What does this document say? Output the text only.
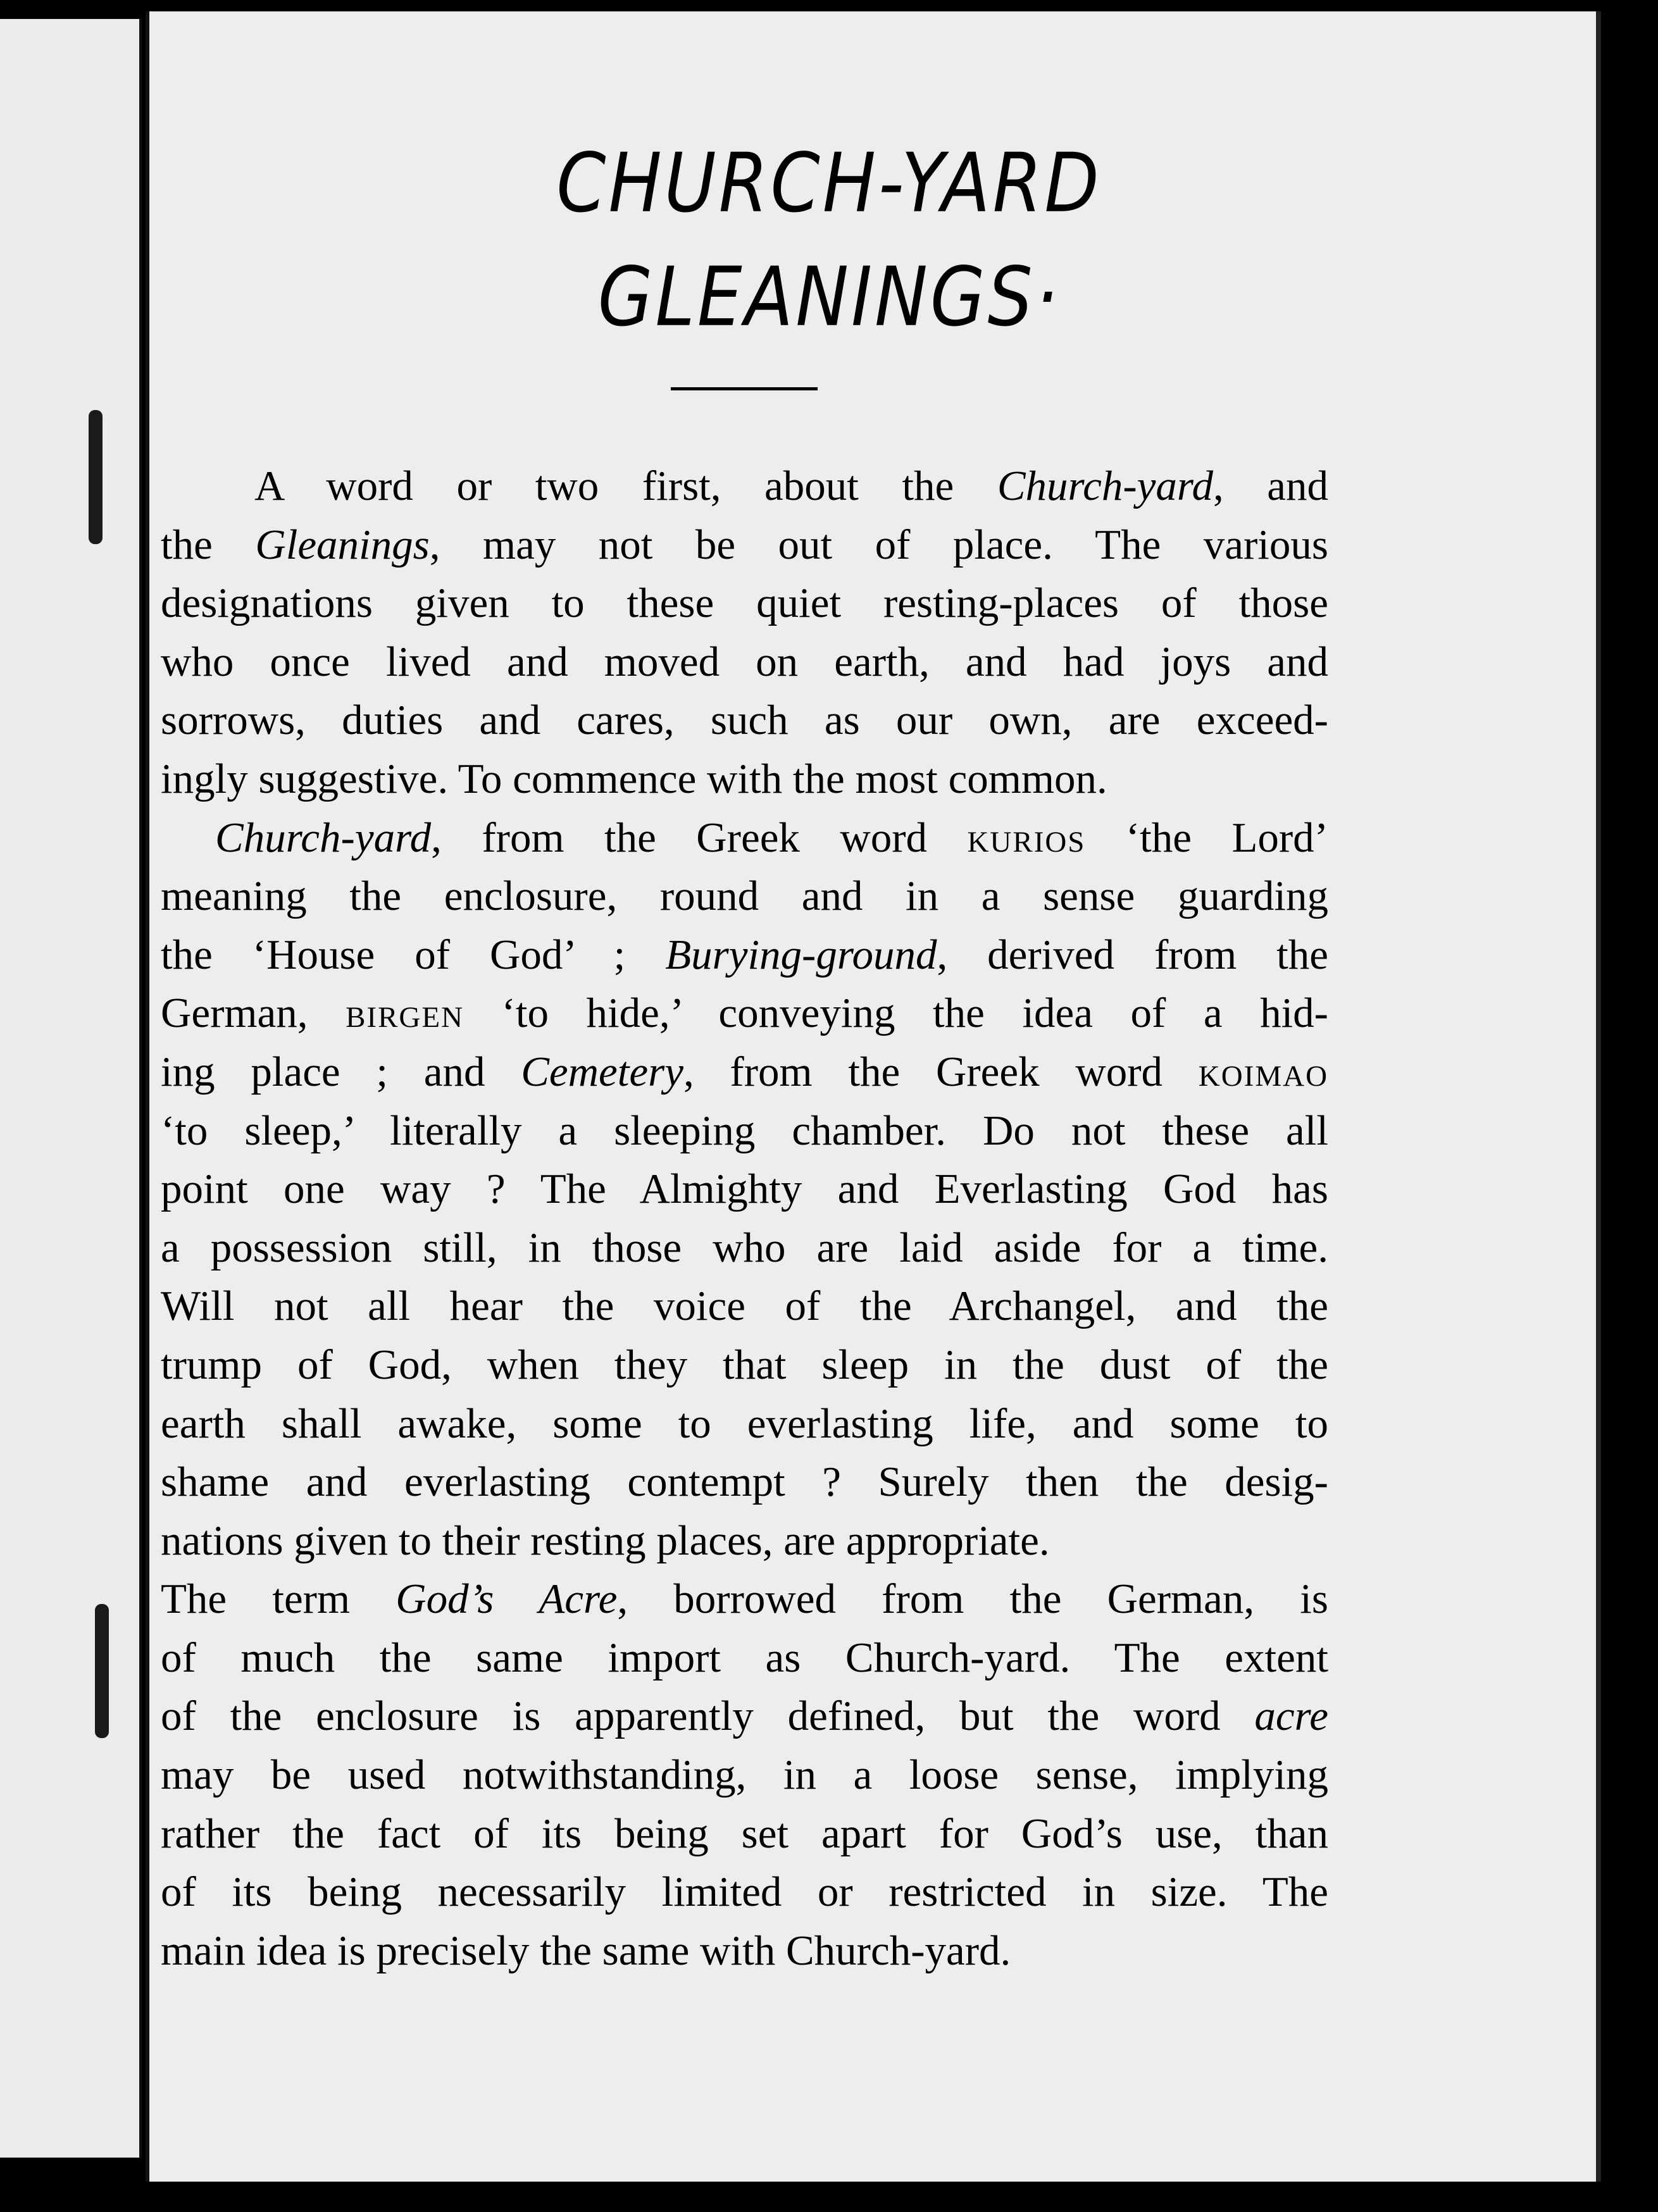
CHURCH-YARD
GLEANINGS·
A word or two first, about the Church-yard, and
the Gleanings, may not be out of place. The various
designations given to these quiet resting-places of those
who once lived and moved on earth, and had joys and
sorrows, duties and cares, such as our own, are exceed-
ingly suggestive. To commence with the most common.
Church-yard, from the Greek word kurios ‘the Lord’
meaning the enclosure, round and in a sense guarding
the ‘House of God’ ; Burying-ground, derived from the
German, birgen ‘to hide,’ conveying the idea of a hid-
ing place ; and Cemetery, from the Greek word koimao
‘to sleep,’ literally a sleeping chamber. Do not these all
point one way ? The Almighty and Everlasting God has
a possession still, in those who are laid aside for a time.
Will not all hear the voice of the Archangel, and the
trump of God, when they that sleep in the dust of the
earth shall awake, some to everlasting life, and some to
shame and everlasting contempt ? Surely then the desig-
nations given to their resting places, are appropriate.
The term God’s Acre, borrowed from the German, is
of much the same import as Church-yard. The extent
of the enclosure is apparently defined, but the word acre
may be used notwithstanding, in a loose sense, implying
rather the fact of its being set apart for God’s use, than
of its being necessarily limited or restricted in size. The
main idea is precisely the same with Church-yard.
